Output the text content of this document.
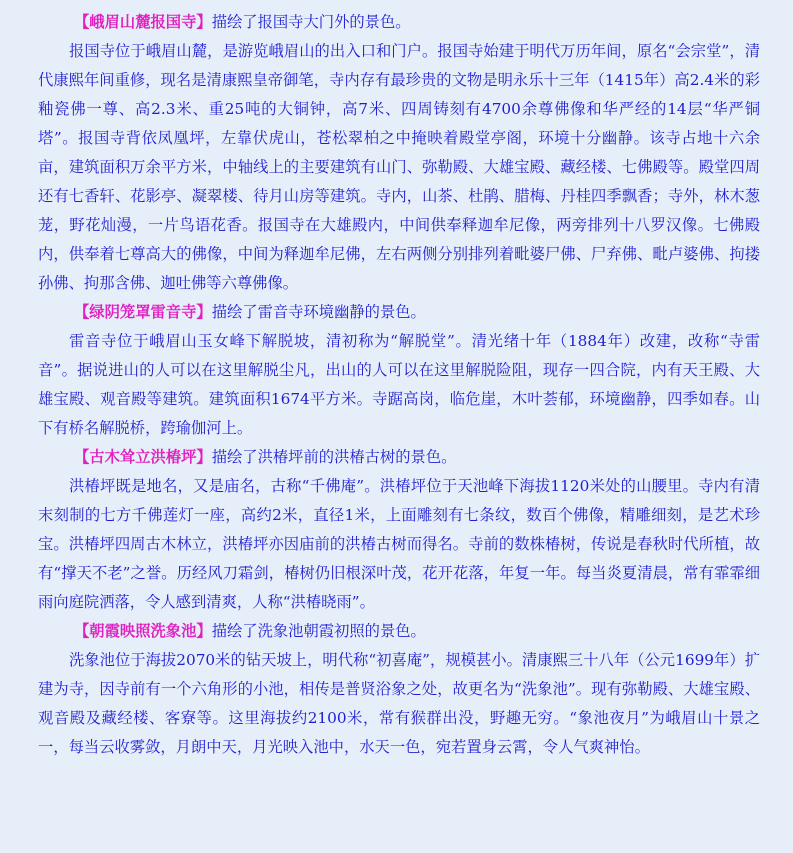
【峨眉山麓报国寺】描绘了报国寺大门外的景色。

报国寺位于峨眉山麓，是游览峨眉山的出入口和门户。报国寺始建于明代万历年间，原名“会宗堂”，清代康熙年间重修，现名是清康熙皇帝御笔，寺内存有最珍贵的文物是明永乐十三年（1415年）高2.4米的彩釉瓷佛一尊、高2.3米、重25吨的大铜钟，高7米、四周铸刻有4700余尊佛像和华严经的14层“华严铜塔”。报国寺背依凤凰坪，左靠伏虎山，苍松翠柏之中掩映着殿堂亭阁，环境十分幽静。该寺占地十六余亩，建筑面积万余平方米，中轴线上的主要建筑有山门、弥勒殿、大雄宝殿、藏经楼、七佛殿等。殿堂四周还有七香轩、花影亭、凝翠楼、待月山房等建筑。寺内，山茶、杜鹃、腊梅、丹桂四季飘香；寺外，林木葱茏，野花灿漫，一片鸟语花香。报国寺在大雄殿内，中间供奉释迦牟尼像，两旁排列十八罗汉像。七佛殿内，供奉着七尊高大的佛像，中间为释迦牟尼佛，左右两侧分别排列着毗婆尸佛、尸弃佛、毗卢婆佛、拘搂孙佛、拘那含佛、迦吐佛等六尊佛像。

【绿阴笼罩雷音寺】描绘了雷音寺环境幽静的景色。

雷音寺位于峨眉山玉女峰下解脱坡，清初称为“解脱堂”。清光绪十年（1884年）改建，改称“寺雷音”。据说进山的人可以在这里解脱尘凡，出山的人可以在这里解脱险阻，现存一四合院，内有天王殿、大雄宝殿、观音殿等建筑。建筑面积1674平方米。寺踞高岗，临危崖，木叶荟郁，环境幽静，四季如春。山下有桥名解脱桥，跨瑜伽河上。

【古木耸立洪椿坪】描绘了洪椿坪前的洪椿古树的景色。

洪椿坪既是地名，又是庙名，古称“千佛庵”。洪椿坪位于天池峰下海拔1120米处的山腰里。寺内有清末刻制的七方千佛莲灯一座，高约2米，直径1米，上面雕刻有七条纹，数百个佛像，精雕细刻，是艺术珍宝。洪椿坪四周古木林立，洪椿坪亦因庙前的洪椿古树而得名。寺前的数株椿树，传说是春秋时代所植，故有“撑天不老”之誉。历经风刀霜剑，椿树仍旧根深叶茂，花开花落，年复一年。每当炎夏清晨，常有霏霏细雨向庭院洒落，令人感到清爽，人称“洪椿晓雨”。

【朝霞映照洗象池】描绘了洗象池朝霞初照的景色。

洗象池位于海拔2070米的钻天坡上，明代称“初喜庵”，规模甚小。清康熙三十八年（公元1699年）扩建为寺，因寺前有一个六角形的小池，相传是普贤浴象之处，故更名为“洗象池”。现有弥勒殿、大雄宝殿、观音殿及藏经楼、客寮等。这里海拔约2100米，常有猴群出没，野趣无穷。“象池夜月”为峨眉山十景之一，每当云收雾敛，月朗中天，月光映入池中，水天一色，宛若置身云霄，令人气爽神怡。
